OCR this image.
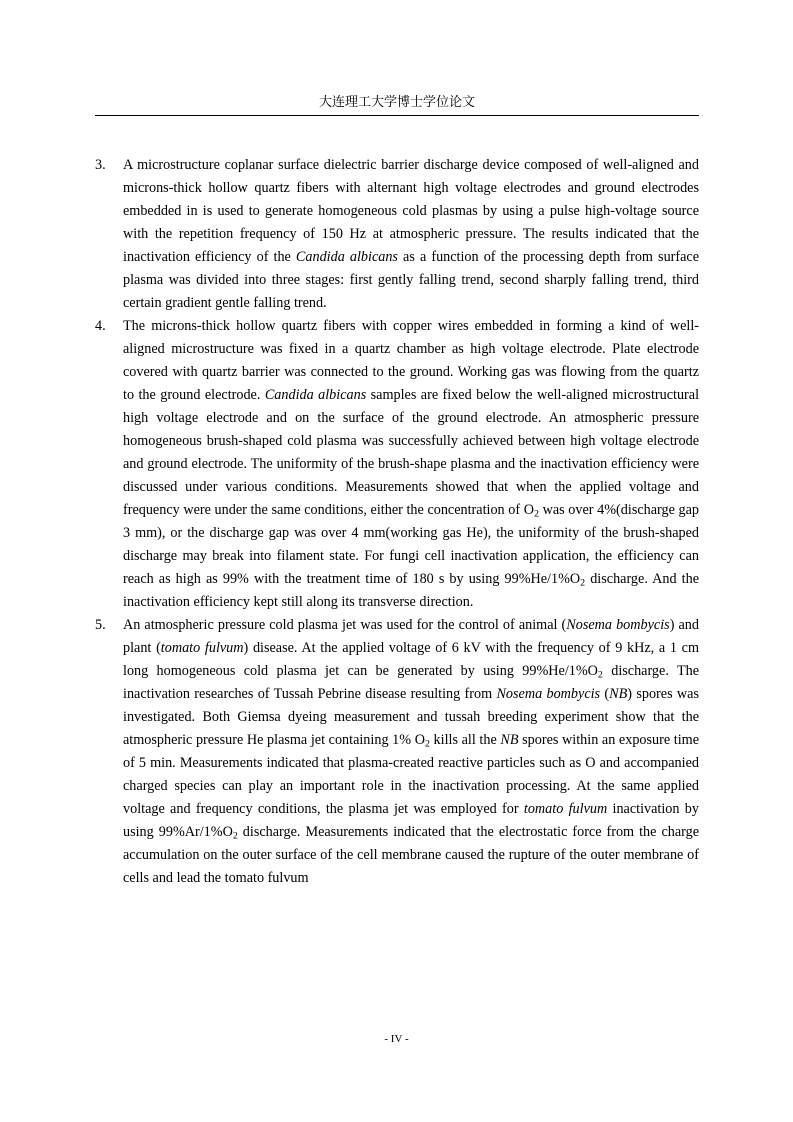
大连理工大学博士学位论文
3. A microstructure coplanar surface dielectric barrier discharge device composed of well-aligned and microns-thick hollow quartz fibers with alternant high voltage electrodes and ground electrodes embedded in is used to generate homogeneous cold plasmas by using a pulse high-voltage source with the repetition frequency of 150 Hz at atmospheric pressure. The results indicated that the inactivation efficiency of the Candida albicans as a function of the processing depth from surface plasma was divided into three stages: first gently falling trend, second sharply falling trend, third certain gradient gentle falling trend.
4. The microns-thick hollow quartz fibers with copper wires embedded in forming a kind of well-aligned microstructure was fixed in a quartz chamber as high voltage electrode. Plate electrode covered with quartz barrier was connected to the ground. Working gas was flowing from the quartz to the ground electrode. Candida albicans samples are fixed below the well-aligned microstructural high voltage electrode and on the surface of the ground electrode. An atmospheric pressure homogeneous brush-shaped cold plasma was successfully achieved between high voltage electrode and ground electrode. The uniformity of the brush-shape plasma and the inactivation efficiency were discussed under various conditions. Measurements showed that when the applied voltage and frequency were under the same conditions, either the concentration of $O_2$ was over 4%(discharge gap 3 mm), or the discharge gap was over 4 mm(working gas He), the uniformity of the brush-shaped discharge may break into filament state. For fungi cell inactivation application, the efficiency can reach as high as 99% with the treatment time of 180 s by using $99\%He/1\%O_2$ discharge. And the inactivation efficiency kept still along its transverse direction.
5. An atmospheric pressure cold plasma jet was used for the control of animal (Nosema bombycis) and plant (tomato fulvum) disease. At the applied voltage of 6 kV with the frequency of 9 kHz, a 1 cm long homogeneous cold plasma jet can be generated by using $99\%He/1\%O_2$ discharge. The inactivation researches of Tussah Pebrine disease resulting from Nosema bombycis (NB) spores was investigated. Both Giemsa dyeing measurement and tussah breeding experiment show that the atmospheric pressure He plasma jet containing 1% $O_2$ kills all the NB spores within an exposure time of 5 min. Measurements indicated that plasma-created reactive particles such as O and accompanied charged species can play an important role in the inactivation processing. At the same applied voltage and frequency conditions, the plasma jet was employed for tomato fulvum inactivation by using $99\%Ar/1\%O_2$ discharge. Measurements indicated that the electrostatic force from the charge accumulation on the outer surface of the cell membrane caused the rupture of the outer membrane of cells and lead the tomato fulvum
- IV -
